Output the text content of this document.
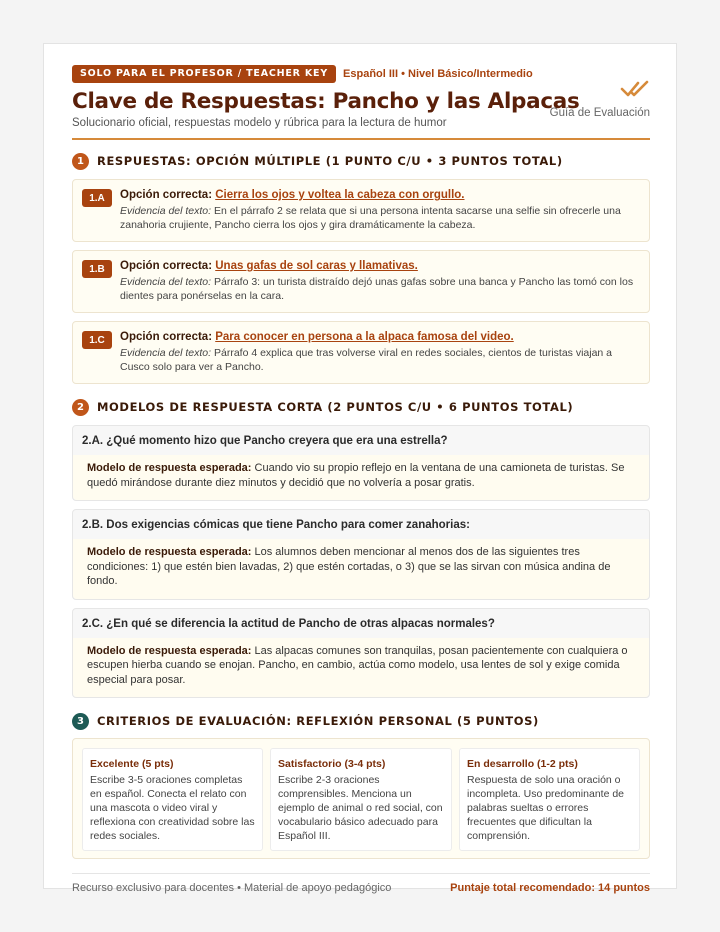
SOLO PARA EL PROFESOR / TEACHER KEY	Español III • Nivel Básico/Intermedio
Clave de Respuestas: Pancho y las Alpacas
Guía de Evaluación
Solucionario oficial, respuestas modelo y rúbrica para la lectura de humor
1	RESPUESTAS: OPCIÓN MÚLTIPLE (1 PUNTO C/U • 3 PUNTOS TOTAL)
1.A	Opción correcta: Cierra los ojos y voltea la cabeza con orgullo.
Evidencia del texto: En el párrafo 2 se relata que si una persona intenta sacarse una selfie sin ofrecerle una zanahoria crujiente, Pancho cierra los ojos y gira dramáticamente la cabeza.
1.B	Opción correcta: Unas gafas de sol caras y llamativas.
Evidencia del texto: Párrafo 3: un turista distraído dejó unas gafas sobre una banca y Pancho las tomó con los dientes para ponérselas en la cara.
1.C	Opción correcta: Para conocer en persona a la alpaca famosa del video.
Evidencia del texto: Párrafo 4 explica que tras volverse viral en redes sociales, cientos de turistas viajan a Cusco solo para ver a Pancho.
2	MODELOS DE RESPUESTA CORTA (2 PUNTOS C/U • 6 PUNTOS TOTAL)
2.A. ¿Qué momento hizo que Pancho creyera que era una estrella?
Modelo de respuesta esperada: Cuando vio su propio reflejo en la ventana de una camioneta de turistas. Se quedó mirándose durante diez minutos y decidió que no volvería a posar gratis.
2.B. Dos exigencias cómicas que tiene Pancho para comer zanahorias:
Modelo de respuesta esperada: Los alumnos deben mencionar al menos dos de las siguientes tres condiciones: 1) que estén bien lavadas, 2) que estén cortadas, o 3) que se las sirvan con música andina de fondo.
2.C. ¿En qué se diferencia la actitud de Pancho de otras alpacas normales?
Modelo de respuesta esperada: Las alpacas comunes son tranquilas, posan pacientemente con cualquiera o escupen hierba cuando se enojan. Pancho, en cambio, actúa como modelo, usa lentes de sol y exige comida especial para posar.
3	CRITERIOS DE EVALUACIÓN: REFLEXIÓN PERSONAL (5 PUNTOS)
Excelente (5 pts)
Escribe 3-5 oraciones completas en español. Conecta el relato con una mascota o video viral y reflexiona con creatividad sobre las redes sociales.
Satisfactorio (3-4 pts)
Escribe 2-3 oraciones comprensibles. Menciona un ejemplo de animal o red social, con vocabulario básico adecuado para Español III.
En desarrollo (1-2 pts)
Respuesta de solo una oración o incompleta. Uso predominante de palabras sueltas o errores frecuentes que dificultan la comprensión.
Recurso exclusivo para docentes • Material de apoyo pedagógico	Puntaje total recomendado: 14 puntos
